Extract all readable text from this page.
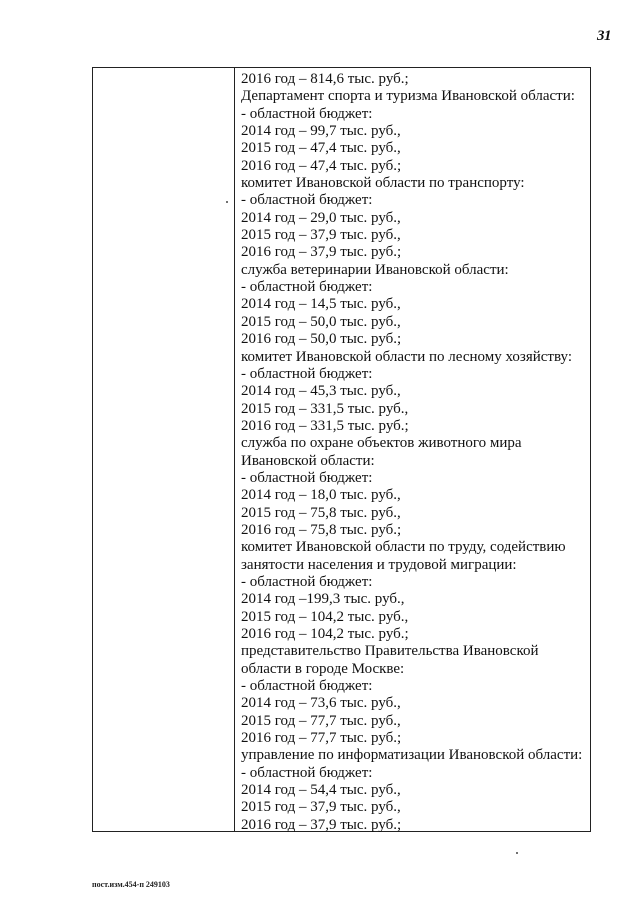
31
2016 год – 814,6 тыс. руб.;
Департамент спорта и туризма Ивановской области:
- областной бюджет:
2014 год – 99,7 тыс. руб.,
2015 год – 47,4 тыс. руб.,
2016 год – 47,4 тыс. руб.;
комитет Ивановской области по транспорту:
- областной бюджет:
2014 год – 29,0 тыс. руб.,
2015 год – 37,9 тыс. руб.,
2016 год – 37,9 тыс. руб.;
служба ветеринарии Ивановской области:
- областной бюджет:
2014 год – 14,5 тыс. руб.,
2015 год – 50,0 тыс. руб.,
2016 год – 50,0 тыс. руб.;
комитет Ивановской области по лесному хозяйству:
- областной бюджет:
2014 год – 45,3 тыс. руб.,
2015 год – 331,5 тыс. руб.,
2016 год – 331,5 тыс. руб.;
служба по охране объектов животного мира
Ивановской области:
- областной бюджет:
2014 год – 18,0 тыс. руб.,
2015 год – 75,8 тыс. руб.,
2016 год – 75,8 тыс. руб.;
комитет Ивановской области по труду, содействию
занятости населения и трудовой миграции:
- областной бюджет:
2014 год –199,3 тыс. руб.,
2015 год – 104,2 тыс. руб.,
2016 год – 104,2 тыс. руб.;
представительство Правительства Ивановской
области в городе Москве:
- областной бюджет:
2014 год – 73,6 тыс. руб.,
2015 год – 77,7 тыс. руб.,
2016 год – 77,7 тыс. руб.;
управление по информатизации Ивановской области:
- областной бюджет:
2014 год – 54,4 тыс. руб.,
2015 год – 37,9 тыс. руб.,
2016 год – 37,9 тыс. руб.;
пост.изм.454-п 249103
